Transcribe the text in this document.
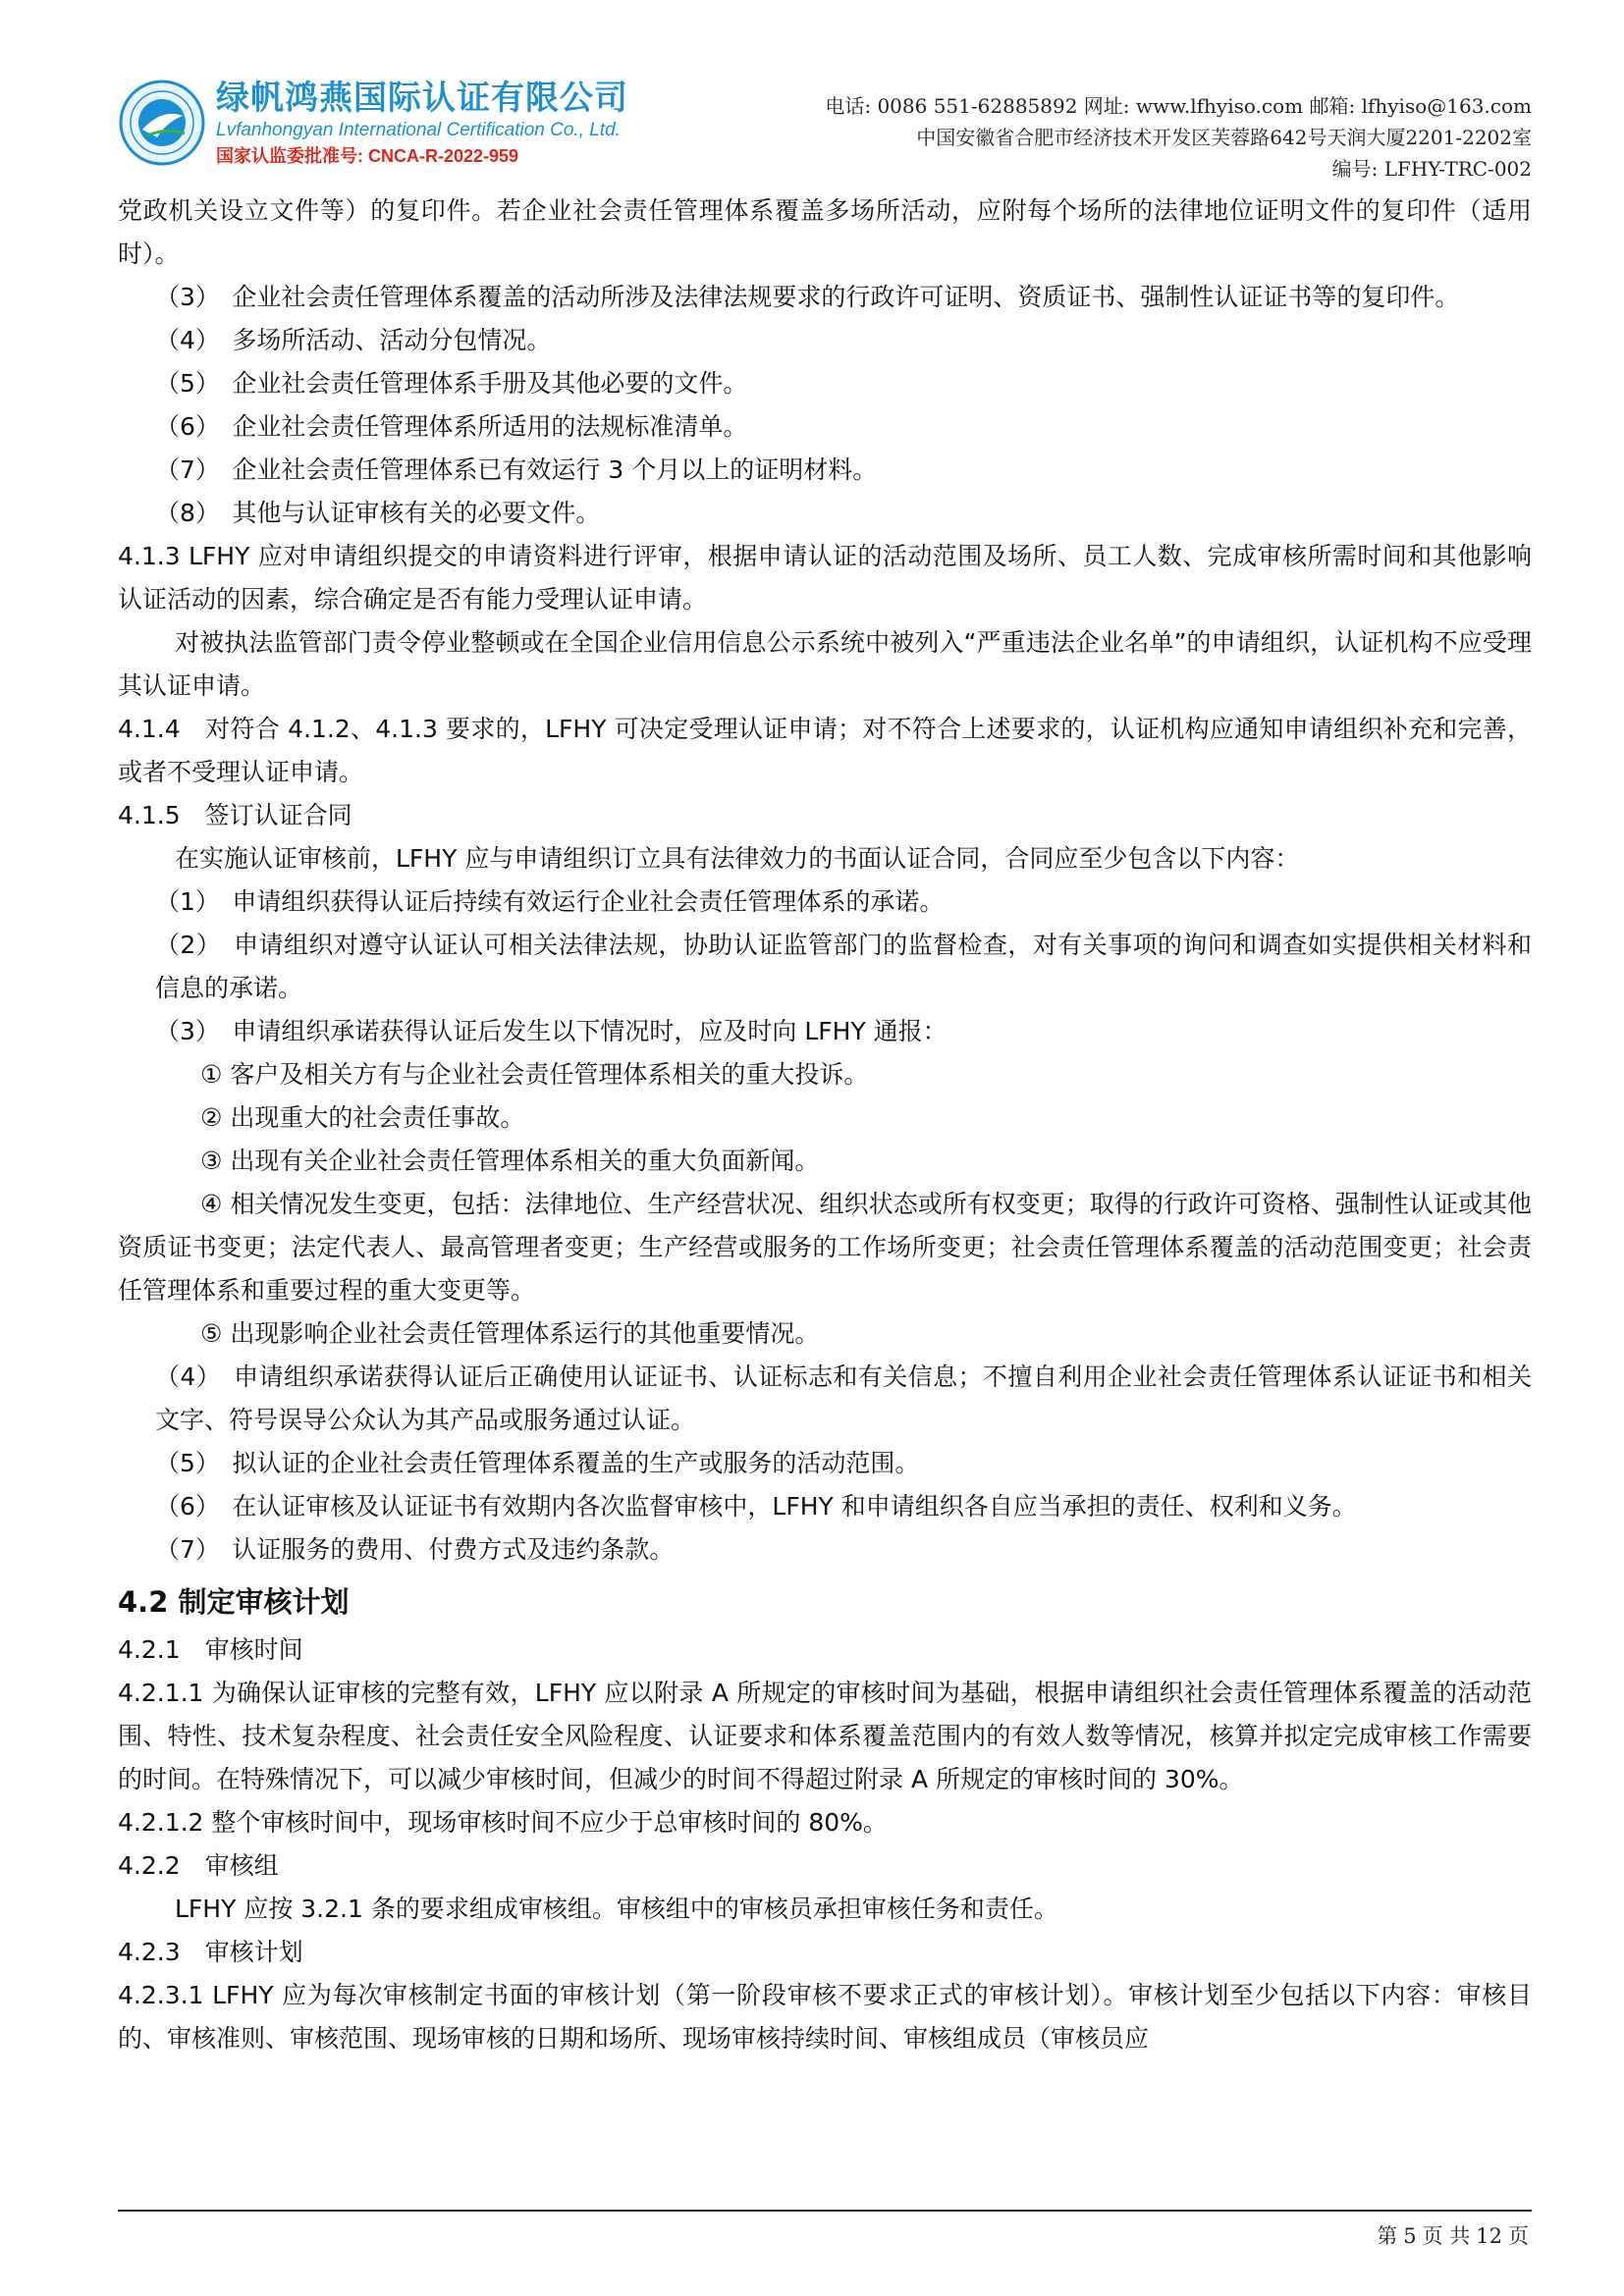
绿帆鸿燕国际认证有限公司
Lvfanhongyan International Certification Co., Ltd.
国家认监委批准号: CNCA-R-2022-959
电话: 0086 551-62885892 网址: www.lfhyiso.com 邮箱: lfhyiso@163.com
中国安徽省合肥市经济技术开发区芙蓉路642号天润大厦2201-2202室
编号: LFHY-TRC-002

党政机关设立文件等）的复印件。若企业社会责任管理体系覆盖多场所活动，应附每个场所的法律地位证明文件的复印件（适用时）。

（3）　企业社会责任管理体系覆盖的活动所涉及法律法规要求的行政许可证明、资质证书、强制性认证证书等的复印件。

（4）　多场所活动、活动分包情况。

（5）　企业社会责任管理体系手册及其他必要的文件。

（6）　企业社会责任管理体系所适用的法规标准清单。

（7）　企业社会责任管理体系已有效运行 3 个月以上的证明材料。

（8）　其他与认证审核有关的必要文件。

4.1.3 LFHY 应对申请组织提交的申请资料进行评审，根据申请认证的活动范围及场所、员工人数、完成审核所需时间和其他影响认证活动的因素，综合确定是否有能力受理认证申请。

对被执法监管部门责令停业整顿或在全国企业信用信息公示系统中被列入“严重违法企业名单”的申请组织，认证机构不应受理其认证申请。

4.1.4　对符合 4.1.2、4.1.3 要求的，LFHY 可决定受理认证申请；对不符合上述要求的，认证机构应通知申请组织补充和完善，或者不受理认证申请。

4.1.5　签订认证合同

在实施认证审核前，LFHY 应与申请组织订立具有法律效力的书面认证合同，合同应至少包含以下内容：

（1）　申请组织获得认证后持续有效运行企业社会责任管理体系的承诺。

（2）　申请组织对遵守认证认可相关法律法规，协助认证监管部门的监督检查，对有关事项的询问和调查如实提供相关材料和信息的承诺。

（3）　申请组织承诺获得认证后发生以下情况时，应及时向 LFHY 通报：

① 客户及相关方有与企业社会责任管理体系相关的重大投诉。

② 出现重大的社会责任事故。

③ 出现有关企业社会责任管理体系相关的重大负面新闻。

④ 相关情况发生变更，包括：法律地位、生产经营状况、组织状态或所有权变更；取得的行政许可资格、强制性认证或其他资质证书变更；法定代表人、最高管理者变更；生产经营或服务的工作场所变更；社会责任管理体系覆盖的活动范围变更；社会责任管理体系和重要过程的重大变更等。

⑤ 出现影响企业社会责任管理体系运行的其他重要情况。

（4）　申请组织承诺获得认证后正确使用认证证书、认证标志和有关信息；不擅自利用企业社会责任管理体系认证证书和相关文字、符号误导公众认为其产品或服务通过认证。

（5）　拟认证的企业社会责任管理体系覆盖的生产或服务的活动范围。

（6）　在认证审核及认证证书有效期内各次监督审核中，LFHY 和申请组织各自应当承担的责任、权利和义务。

（7）　认证服务的费用、付费方式及违约条款。

4.2 制定审核计划

4.2.1　审核时间

4.2.1.1 为确保认证审核的完整有效，LFHY 应以附录 A 所规定的审核时间为基础，根据申请组织社会责任管理体系覆盖的活动范围、特性、技术复杂程度、社会责任安全风险程度、认证要求和体系覆盖范围内的有效人数等情况，核算并拟定完成审核工作需要的时间。在特殊情况下，可以减少审核时间，但减少的时间不得超过附录 A 所规定的审核时间的 30%。

4.2.1.2 整个审核时间中，现场审核时间不应少于总审核时间的 80%。

4.2.2　审核组

LFHY 应按 3.2.1 条的要求组成审核组。审核组中的审核员承担审核任务和责任。

4.2.3　审核计划

4.2.3.1 LFHY 应为每次审核制定书面的审核计划（第一阶段审核不要求正式的审核计划）。审核计划至少包括以下内容：审核目的、审核准则、审核范围、现场审核的日期和场所、现场审核持续时间、审核组成员（审核员应

第 5 页 共 12 页
